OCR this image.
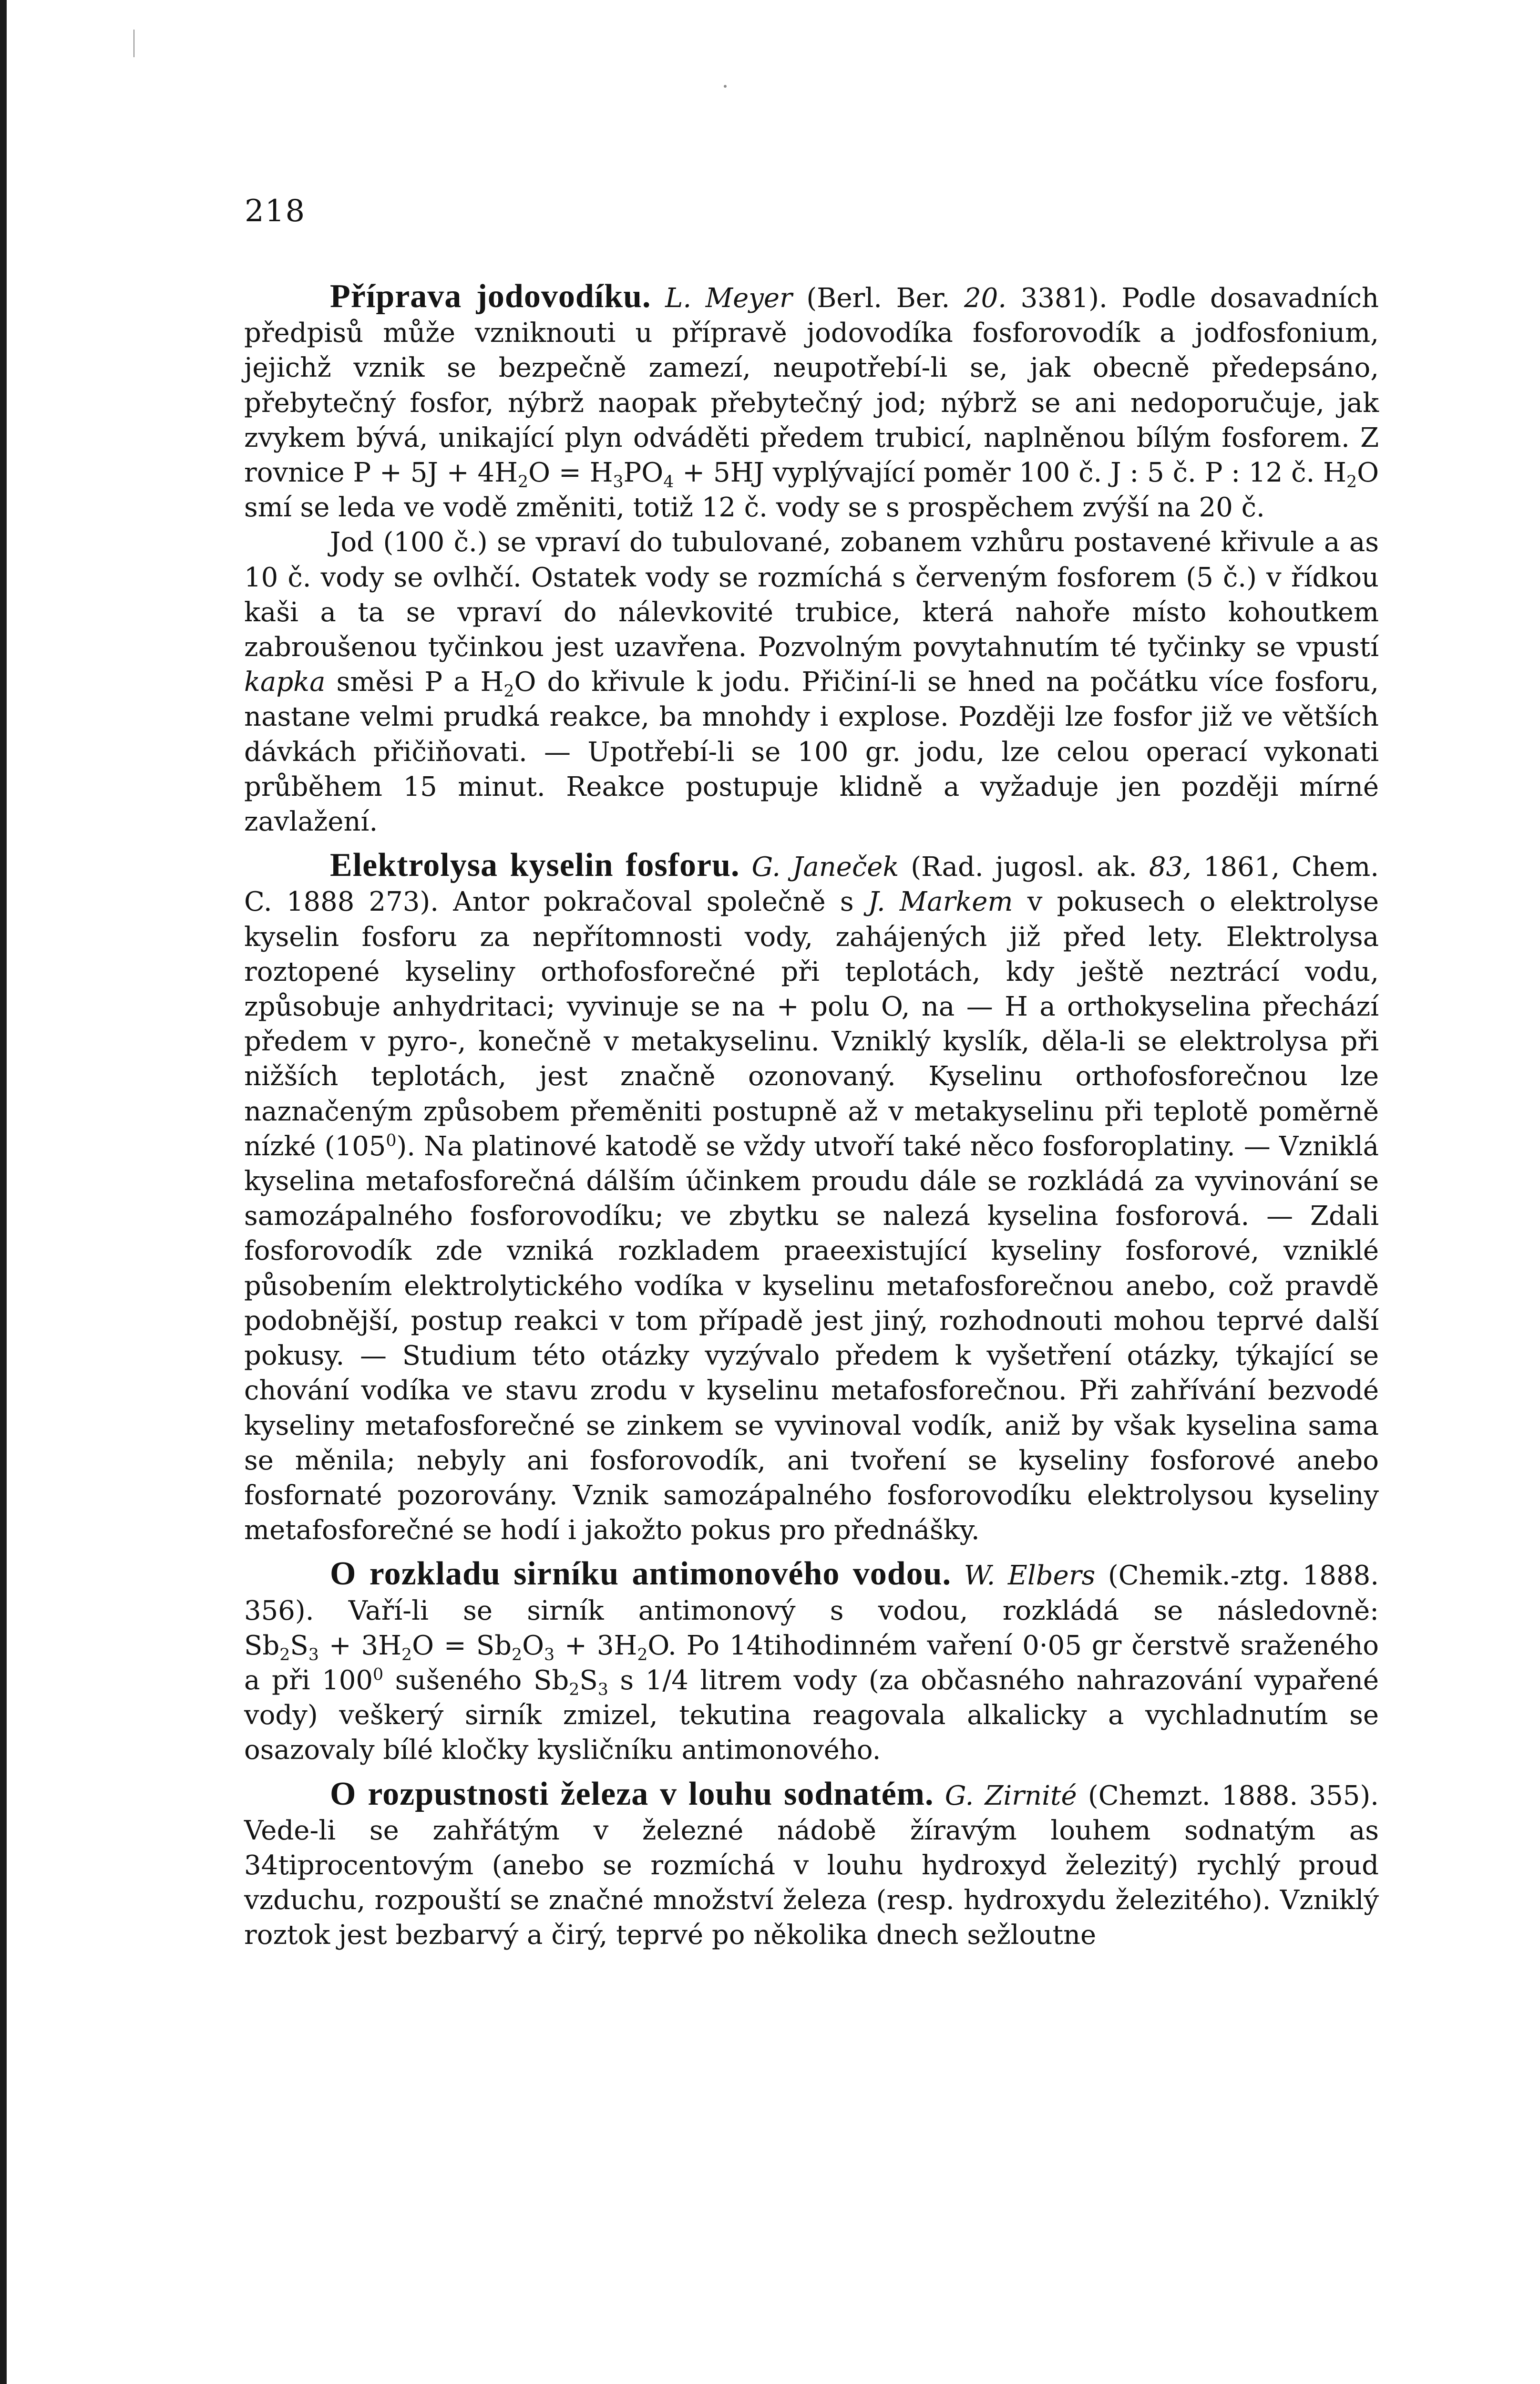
218

Příprava jodovodíku. L. Meyer (Berl. Ber. 20. 3381). Podle dosavadních předpisů může vzniknouti u přípravě jodovodíka fosforovodík a jodfosfonium, jejichž vznik se bezpečně zamezí, neupotřebí-li se, jak obecně předepsáno, přebytečný fosfor, nýbrž naopak přebytečný jod; nýbrž se ani nedoporučuje, jak zvykem bývá, unikající plyn odváděti předem trubicí, naplněnou bílým fosforem. Z rovnice $P + 5J + 4H_2O = H_3PO_4 + 5HJ$ vyplývající poměr 100 č. J : 5 č. P : 12 č. $H_2O$ smí se leda ve vodě změniti, totiž 12 č. vody se s prospěchem zvýší na 20 č.

Jod (100 č.) se vpraví do tubulované, zobanem vzhůru postavené křivule a as 10 č. vody se ovlhčí. Ostatek vody se rozmíchá s červeným fosforem (5 č.) v řídkou kaši a ta se vpraví do nálevkovité trubice, která nahoře místo kohoutkem zabroušenou tyčinkou jest uzavřena. Pozvolným povytahnutím té tyčinky se vpustí kapka směsi P a $H_2O$ do křivule k jodu. Přičiní-li se hned na počátku více fosforu, nastane velmi prudká reakce, ba mnohdy i explose. Později lze fosfor již ve větších dávkách přičiňovati. — Upotřebí-li se 100 gr. jodu, lze celou operací vykonati průběhem 15 minut. Reakce postupuje klidně a vyžaduje jen později mírné zavlažení.

Elektrolysa kyselin fosforu. G. Janeček (Rad. jugosl. ak. 83, 1861, Chem. C. 1888 273). Antor pokračoval společně s J. Markem v pokusech o elektrolyse kyselin fosforu za nepřítomnosti vody, zahájených již před lety. Elektrolysa roztopené kyseliny orthofosforečné při teplotách, kdy ještě neztrácí vodu, způsobuje anhydritaci; vyvinuje se na + polu O, na — H a orthokyselina přechází předem v pyro-, konečně v metakyselinu. Vzniklý kyslík, děla-li se elektrolysa při nižších teplotách, jest značně ozonovaný. Kyselinu orthofosforečnou lze naznačeným způsobem přeměniti postupně až v metakyselinu při teplotě poměrně nízké $(105^0)$. Na platinové katodě se vždy utvoří také něco fosforoplatiny. — Vzniklá kyselina metafosforečná dálším účinkem proudu dále se rozkládá za vyvinování se samozápalného fosforovodíku; ve zbytku se nalezá kyselina fosforová. — Zdali fosforovodík zde vzniká rozkladem praeexistující kyseliny fosforové, vzniklé působením elektrolytického vodíka v kyselinu metafosforečnou anebo, což pravdě podobnější, postup reakci v tom případě jest jiný, rozhodnouti mohou teprvé další pokusy. — Studium této otázky vyzývalo předem k vyšetření otázky, týkající se chování vodíka ve stavu zrodu v kyselinu metafosforečnou. Při zahřívání bezvodé kyseliny metafosforečné se zinkem se vyvinoval vodík, aniž by však kyselina sama se měnila; nebyly ani fosforovodík, ani tvoření se kyseliny fosforové anebo fosfornaté pozorovány. Vznik samozápalného fosforovodíku elektrolysou kyseliny metafosforečné se hodí i jakožto pokus pro přednášky.

O rozkladu sirníku antimonového vodou. W. Elbers (Chemik.-ztg. 1888. 356). Vaří-li se sirník antimonový s vodou, rozkládá se následovně: $Sb_2S_3 + 3H_2O = Sb_2O_3 + 3H_2O$. Po 14tihodinném vaření 0·05 gr čerstvě sraženého a při $100^0$ sušeného $Sb_2S_3$ s 1/4 litrem vody (za občasného nahrazování vypařené vody) veškerý sirník zmizel, tekutina reagovala alkalicky a vychladnutím se osazovaly bílé kločky kysličníku antimonového.

O rozpustnosti železa v louhu sodnatém. G. Zirnité (Chemzt. 1888. 355). Vede-li se zahřátým v železné nádobě žíravým louhem sodnatým as 34tiprocentovým (anebo se rozmíchá v louhu hydroxyd železitý) rychlý proud vzduchu, rozpouští se značné množství železa (resp. hydroxydu železitého). Vzniklý roztok jest bezbarvý a čirý, teprvé po několika dnech sežloutne
